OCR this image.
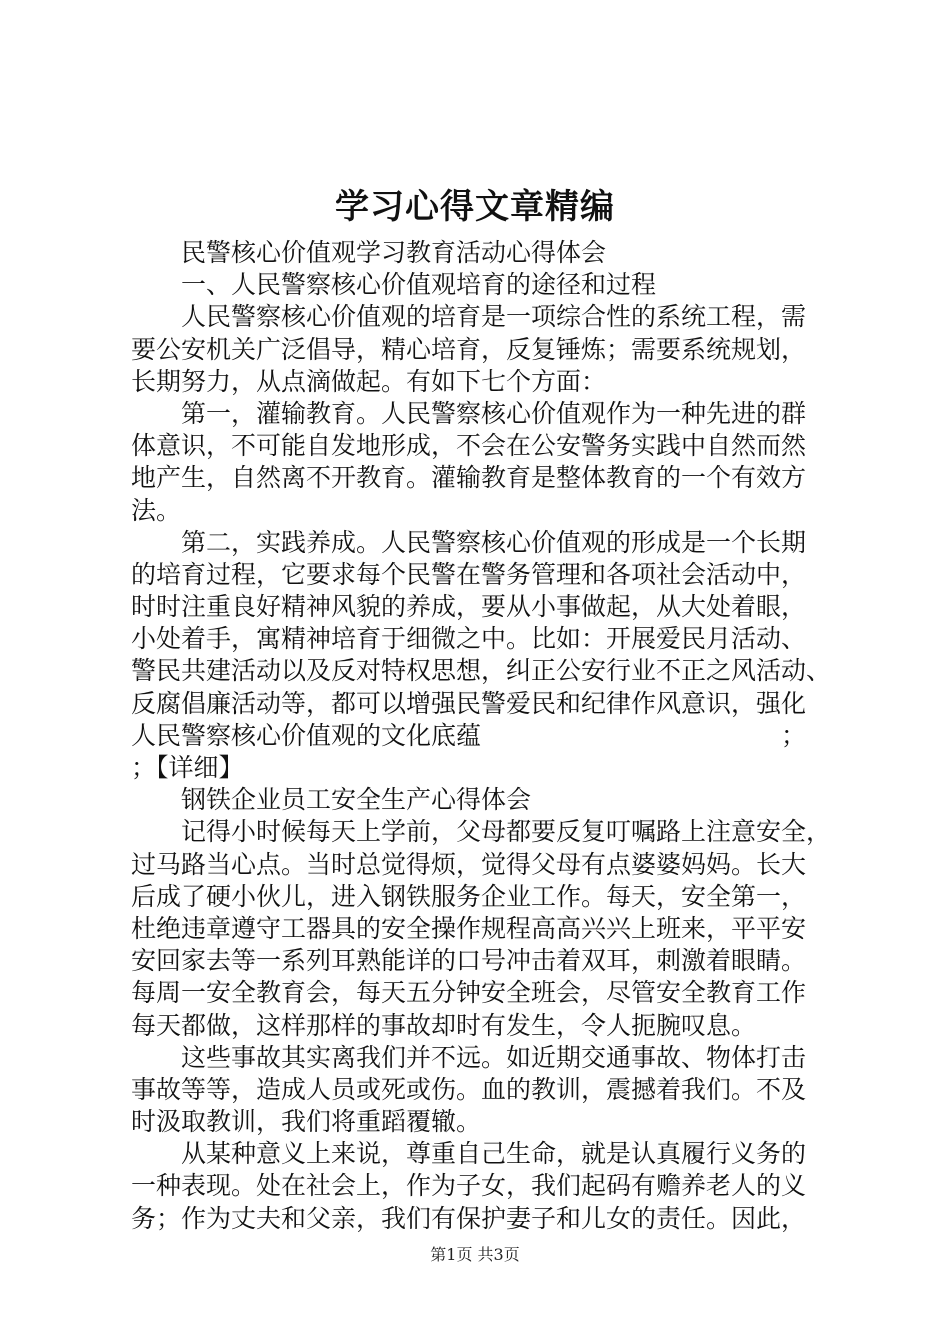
学习心得文章精编
民警核心价值观学习教育活动心得体会
一、人民警察核心价值观培育的途径和过程
人民警察核心价值观的培育是一项综合性的系统工程，需
要公安机关广泛倡导，精心培育，反复锤炼；需要系统规划，
长期努力，从点滴做起。有如下七个方面：
第一，灌输教育。人民警察核心价值观作为一种先进的群
体意识，不可能自发地形成，不会在公安警务实践中自然而然
地产生，自然离不开教育。灌输教育是整体教育的一个有效方
法。
第二，实践养成。人民警察核心价值观的形成是一个长期
的培育过程，它要求每个民警在警务管理和各项社会活动中，
时时注重良好精神风貌的养成，要从小事做起，从大处着眼，
小处着手，寓精神培育于细微之中。比如：开展爱民月活动、
警民共建活动以及反对特权思想，纠正公安行业不正之风活动、
反腐倡廉活动等，都可以增强民警爱民和纪律作风意识，强化
人民警察核心价值观的文化底蕴　　　　　　　　　　　　；
；【详细】
钢铁企业员工安全生产心得体会
记得小时候每天上学前，父母都要反复叮嘱路上注意安全，
过马路当心点。当时总觉得烦，觉得父母有点婆婆妈妈。长大
后成了硬小伙儿，进入钢铁服务企业工作。每天，安全第一，
杜绝违章遵守工器具的安全操作规程高高兴兴上班来，平平安
安回家去等一系列耳熟能详的口号冲击着双耳，刺激着眼睛。
每周一安全教育会，每天五分钟安全班会，尽管安全教育工作
每天都做，这样那样的事故却时有发生，令人扼腕叹息。
这些事故其实离我们并不远。如近期交通事故、物体打击
事故等等，造成人员或死或伤。血的教训，震撼着我们。不及
时汲取教训，我们将重蹈覆辙。
从某种意义上来说，尊重自己生命，就是认真履行义务的
一种表现。处在社会上，作为子女，我们起码有赡养老人的义
务；作为丈夫和父亲，我们有保护妻子和儿女的责任。因此，
第1页 共3页
